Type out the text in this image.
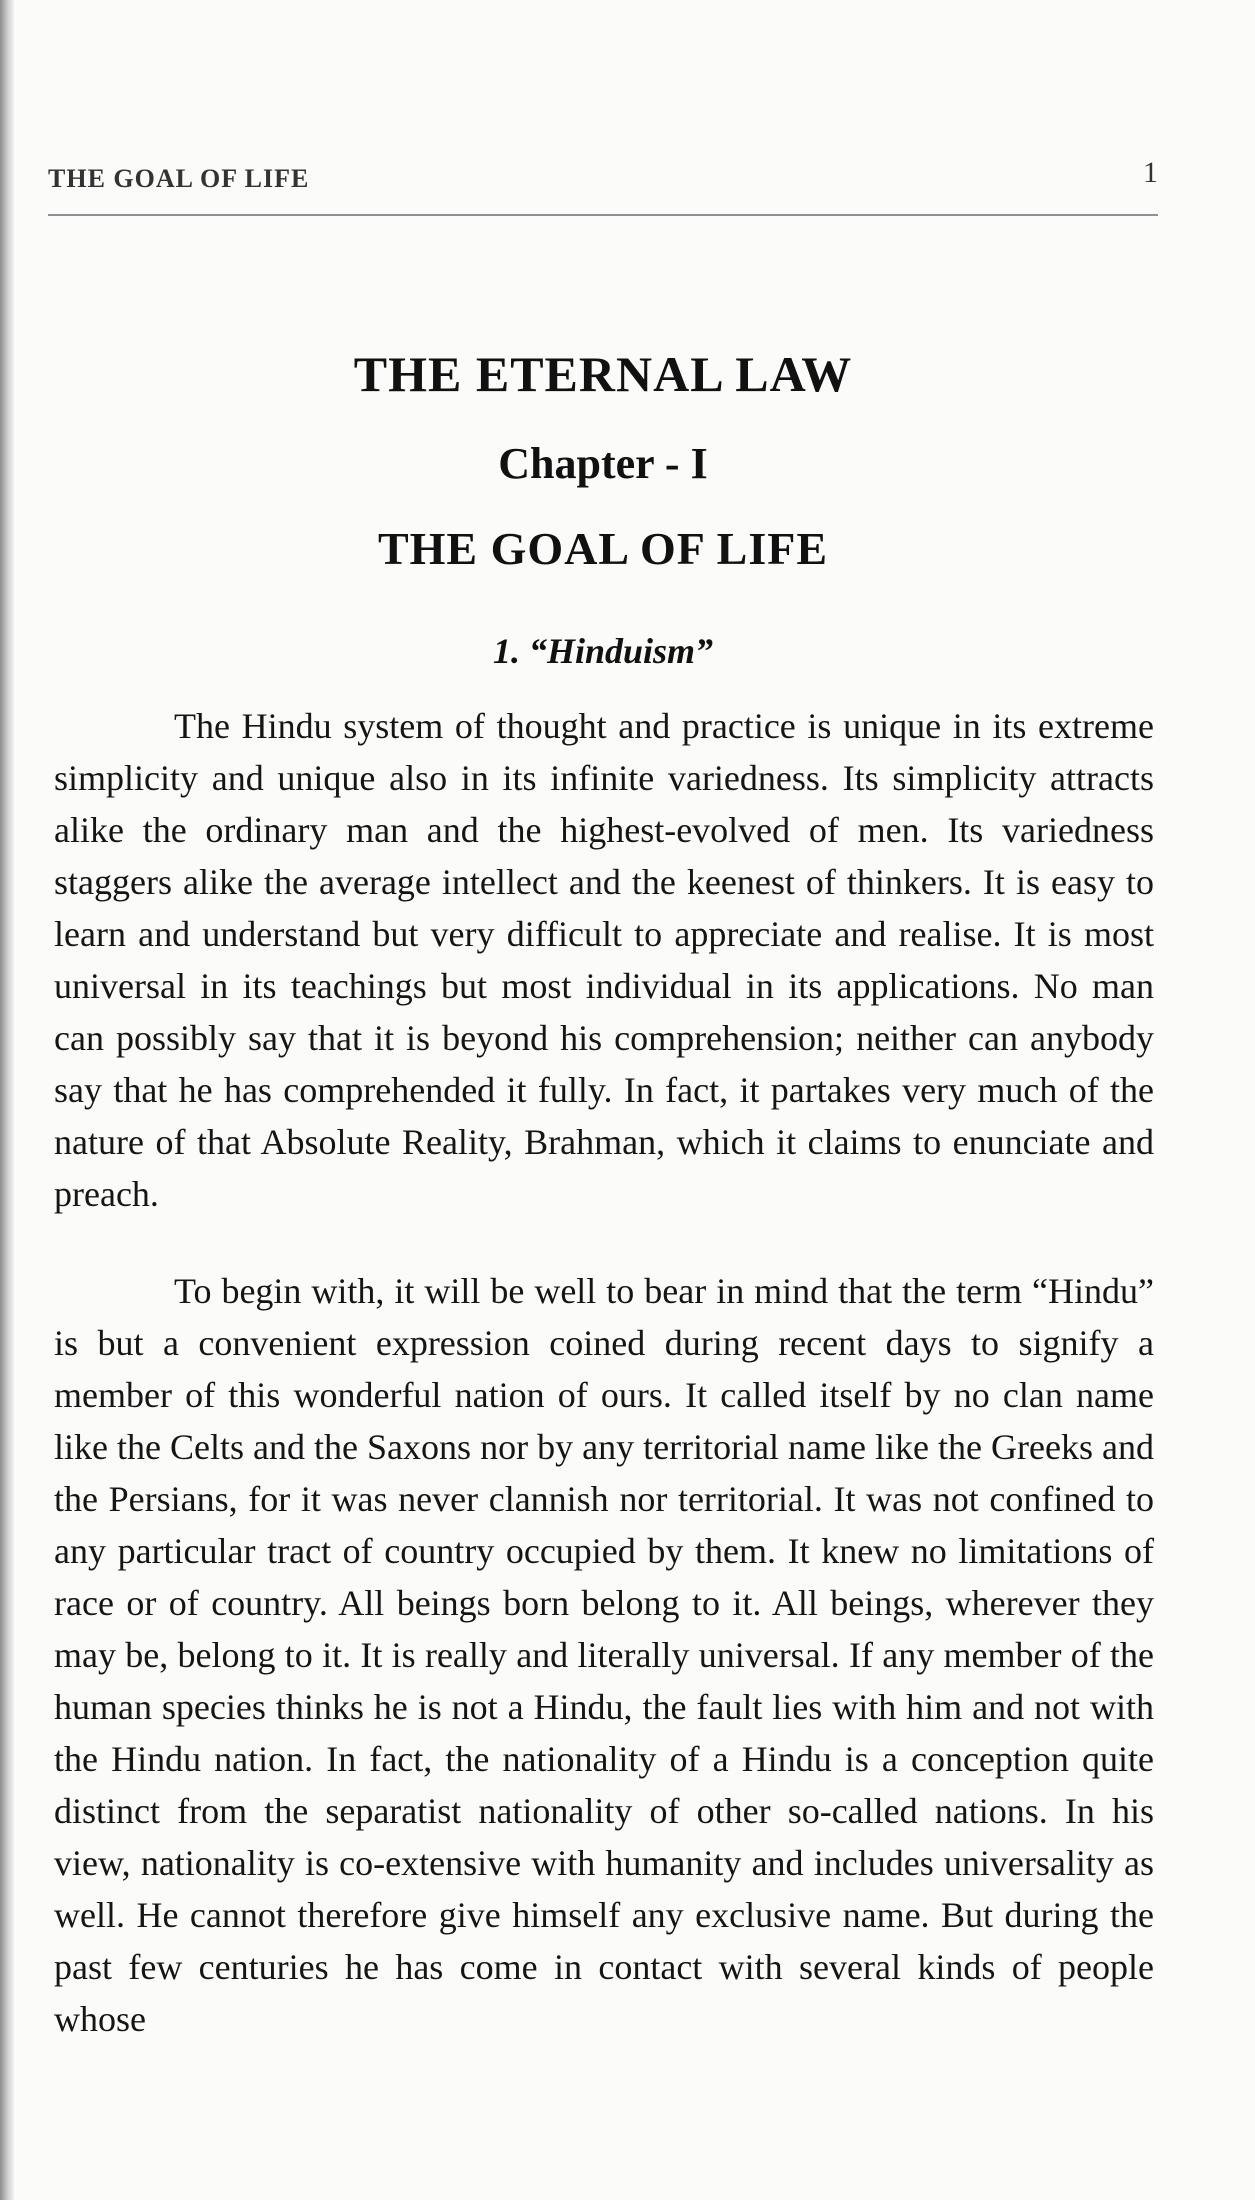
THE GOAL OF LIFE	1
THE ETERNAL LAW
Chapter - I
THE GOAL OF LIFE
1. “Hinduism”

The Hindu system of thought and practice is unique in its extreme simplicity and unique also in its infinite variedness. Its simplicity attracts alike the ordinary man and the highest-evolved of men. Its variedness staggers alike the average intellect and the keenest of thinkers. It is easy to learn and understand but very difficult to appreciate and realise. It is most universal in its teachings but most individual in its applications. No man can possibly say that it is beyond his comprehension; neither can anybody say that he has comprehended it fully. In fact, it partakes very much of the nature of that Absolute Reality, Brahman, which it claims to enunciate and preach.

To begin with, it will be well to bear in mind that the term “Hindu” is but a convenient expression coined during recent days to signify a member of this wonderful nation of ours. It called itself by no clan name like the Celts and the Saxons nor by any territorial name like the Greeks and the Persians, for it was never clannish nor territorial. It was not confined to any particular tract of country occupied by them. It knew no limitations of race or of country. All beings born belong to it. All beings, wherever they may be, belong to it. It is really and literally universal. If any member of the human species thinks he is not a Hindu, the fault lies with him and not with the Hindu nation. In fact, the nationality of a Hindu is a conception quite distinct from the separatist nationality of other so-called nations. In his view, nationality is co-extensive with humanity and includes universality as well. He cannot therefore give himself any exclusive name. But during the past few centuries he has come in contact with several kinds of people whose
